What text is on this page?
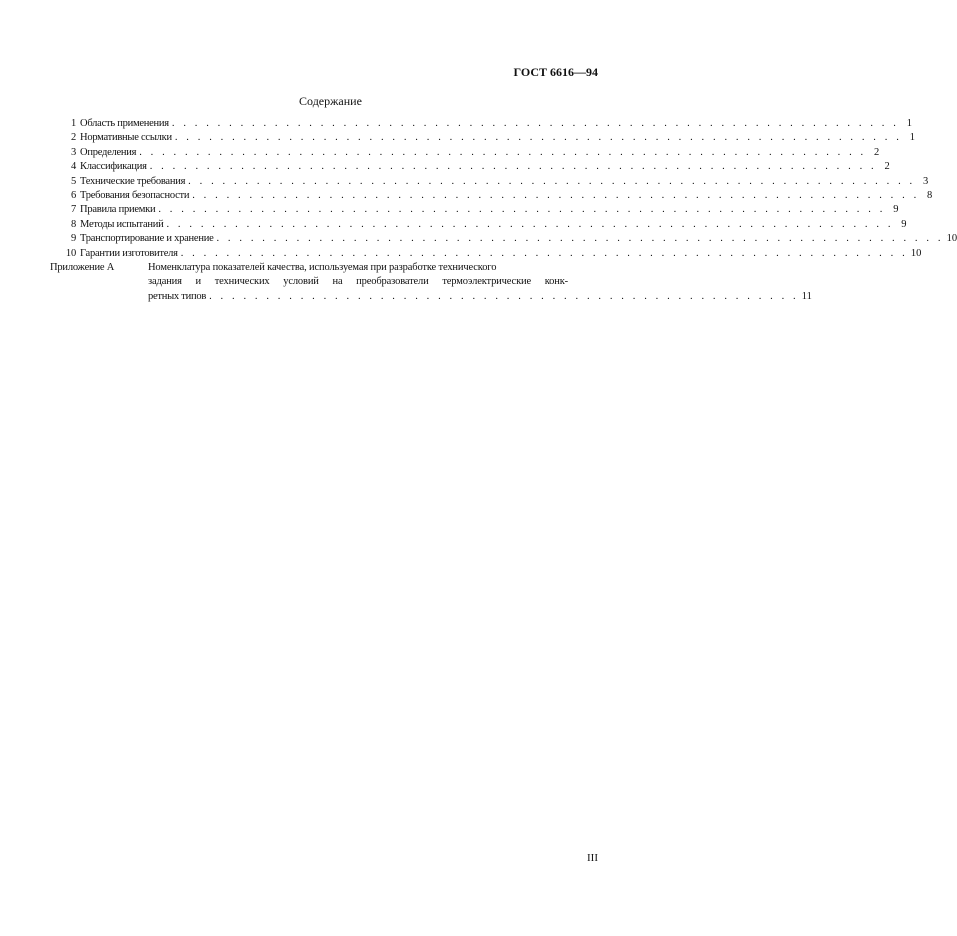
ГОСТ 6616—94
Содержание
1 Область применения . . . . . . . . . . . . . . . . . . . . . . . . . . . . . . . . . . . . . . . . . . . . . . . . . . . . . . . . . . . . . . . . 1
2 Нормативные ссылки . . . . . . . . . . . . . . . . . . . . . . . . . . . . . . . . . . . . . . . . . . . . . . . . . . . . . . . . . . . . . . . . 1
3 Определения . . . . . . . . . . . . . . . . . . . . . . . . . . . . . . . . . . . . . . . . . . . . . . . . . . . . . . . . . . . . . . . . 2
4 Классификация . . . . . . . . . . . . . . . . . . . . . . . . . . . . . . . . . . . . . . . . . . . . . . . . . . . . . . . . . . . . . . . . 2
5 Технические требования . . . . . . . . . . . . . . . . . . . . . . . . . . . . . . . . . . . . . . . . . . . . . . . . . . . . . . . . . . . . . . . . 3
6 Требования безопасности . . . . . . . . . . . . . . . . . . . . . . . . . . . . . . . . . . . . . . . . . . . . . . . . . . . . . . . . . . . . . . . . 8
7 Правила приемки . . . . . . . . . . . . . . . . . . . . . . . . . . . . . . . . . . . . . . . . . . . . . . . . . . . . . . . . . . . . . . . . 9
8 Методы испытаний . . . . . . . . . . . . . . . . . . . . . . . . . . . . . . . . . . . . . . . . . . . . . . . . . . . . . . . . . . . . . . . . 9
9 Транспортирование и хранение . . . . . . . . . . . . . . . . . . . . . . . . . . . . . . . . . . . . . . . . . . . . . . . . . . . . . . . . . . . . . . . . 10
10 Гарантии изготовителя . . . . . . . . . . . . . . . . . . . . . . . . . . . . . . . . . . . . . . . . . . . . . . . . . . . . . . . . . . . . . . . . 10
Приложение А	Номенклатура показателей качества, используемая при разработке технического
задания и технических условий на преобразователи термоэлектрические конк-
ретных типов . . . . . . . . . . . . . . . . . . . . . . . . . . . . . . . . . . . . . . . . . . . . . . . . . . . . 11
III
